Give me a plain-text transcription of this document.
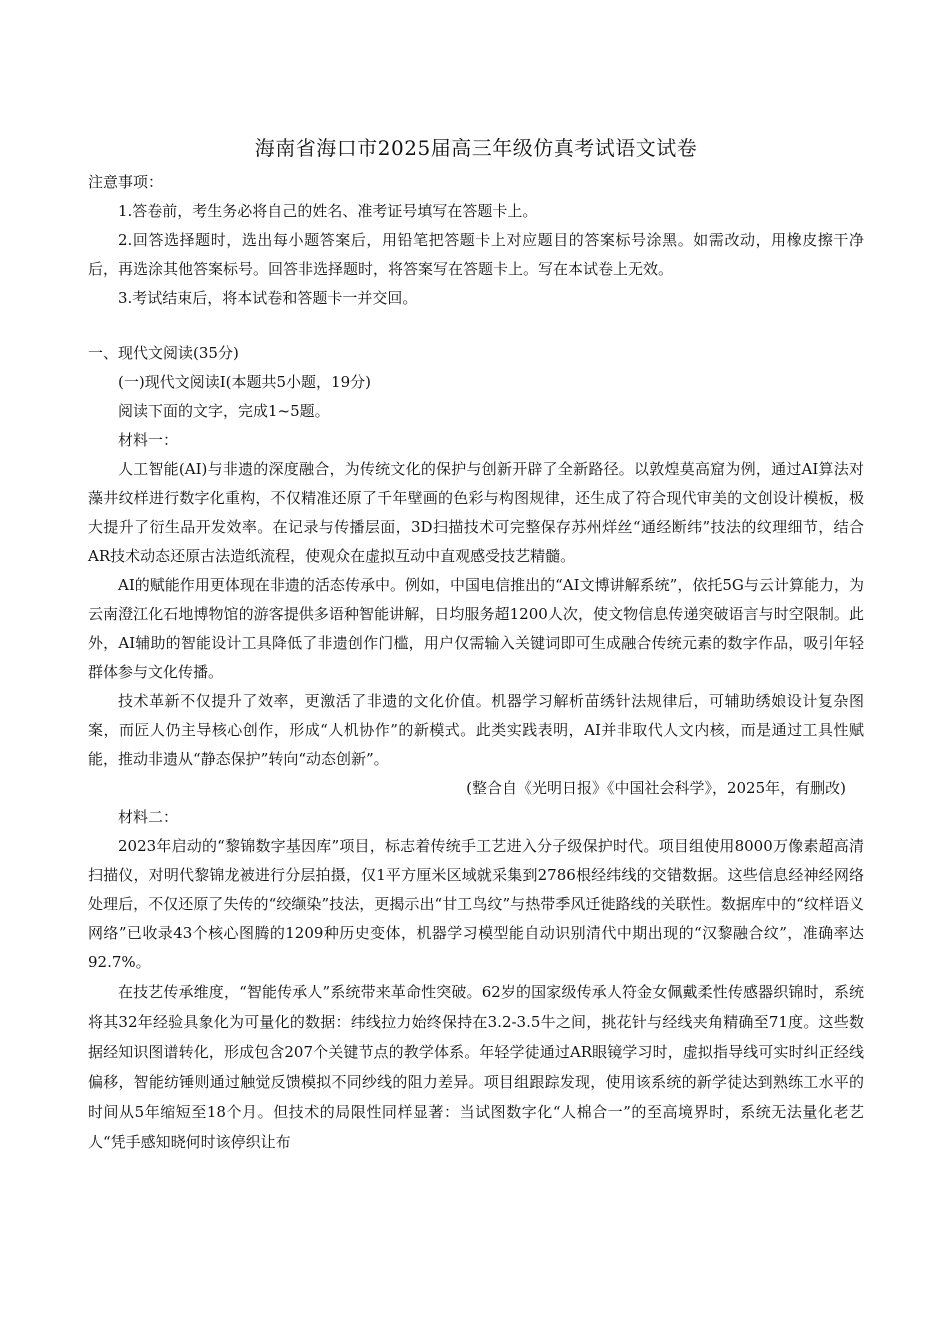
海南省海口市2025届高三年级仿真考试语文试卷

注意事项：

1.答卷前，考生务必将自己的姓名、准考证号填写在答题卡上。

2.回答选择题时，选出每小题答案后，用铅笔把答题卡上对应题目的答案标号涂黑。如需改动，用橡皮擦干净后，再选涂其他答案标号。回答非选择题时，将答案写在答题卡上。写在本试卷上无效。

3.考试结束后，将本试卷和答题卡一并交回。

一、现代文阅读(35分)

(一)现代文阅读I(本题共5小题，19分)

阅读下面的文字，完成1~5题。

材料一：

人工智能(AI)与非遗的深度融合，为传统文化的保护与创新开辟了全新路径。以敦煌莫高窟为例，通过AI算法对藻井纹样进行数字化重构，不仅精准还原了千年壁画的色彩与构图规律，还生成了符合现代审美的文创设计模板，极大提升了衍生品开发效率。在记录与传播层面，3D扫描技术可完整保存苏州烊丝“通经断纬”技法的纹理细节，结合AR技术动态还原古法造纸流程，使观众在虚拟互动中直观感受技艺精髓。

AI的赋能作用更体现在非遗的活态传承中。例如，中国电信推出的“AI文博讲解系统”，依托5G与云计算能力，为云南澄江化石地博物馆的游客提供多语种智能讲解，日均服务超1200人次，使文物信息传递突破语言与时空限制。此外，AI辅助的智能设计工具降低了非遗创作门槛，用户仅需输入关键词即可生成融合传统元素的数字作品，吸引年轻群体参与文化传播。

技术革新不仅提升了效率，更激活了非遗的文化价值。机器学习解析苗绣针法规律后，可辅助绣娘设计复杂图案，而匠人仍主导核心创作，形成“人机协作”的新模式。此类实践表明，AI并非取代人文内核，而是通过工具性赋能，推动非遗从“静态保护”转向“动态创新”。

(整合自《光明日报》《中国社会科学》，2025年，有删改)

材料二：

2023年启动的“黎锦数字基因库”项目，标志着传统手工艺进入分子级保护时代。项目组使用8000万像素超高清扫描仪，对明代黎锦龙被进行分层拍摄，仅1平方厘米区域就采集到2786根经纬线的交错数据。这些信息经神经网络处理后，不仅还原了失传的“绞缬染”技法，更揭示出“甘工鸟纹”与热带季风迁徙路线的关联性。数据库中的“纹样语义网络”已收录43个核心图腾的1209种历史变体，机器学习模型能自动识别清代中期出现的“汉黎融合纹”，准确率达92.7%。

在技艺传承维度，“智能传承人”系统带来革命性突破。62岁的国家级传承人符金女佩戴柔性传感器织锦时，系统将其32年经验具象化为可量化的数据：纬线拉力始终保持在3.2-3.5牛之间，挑花针与经线夹角精确至71度。这些数据经知识图谱转化，形成包含207个关键节点的教学体系。年轻学徒通过AR眼镜学习时，虚拟指导线可实时纠正经线偏移，智能纺锤则通过触觉反馈模拟不同纱线的阻力差异。项目组跟踪发现，使用该系统的新学徒达到熟练工水平的时间从5年缩短至18个月。但技术的局限性同样显著：当试图数字化“人棉合一”的至高境界时，系统无法量化老艺人“凭手感知晓何时该停织让布
